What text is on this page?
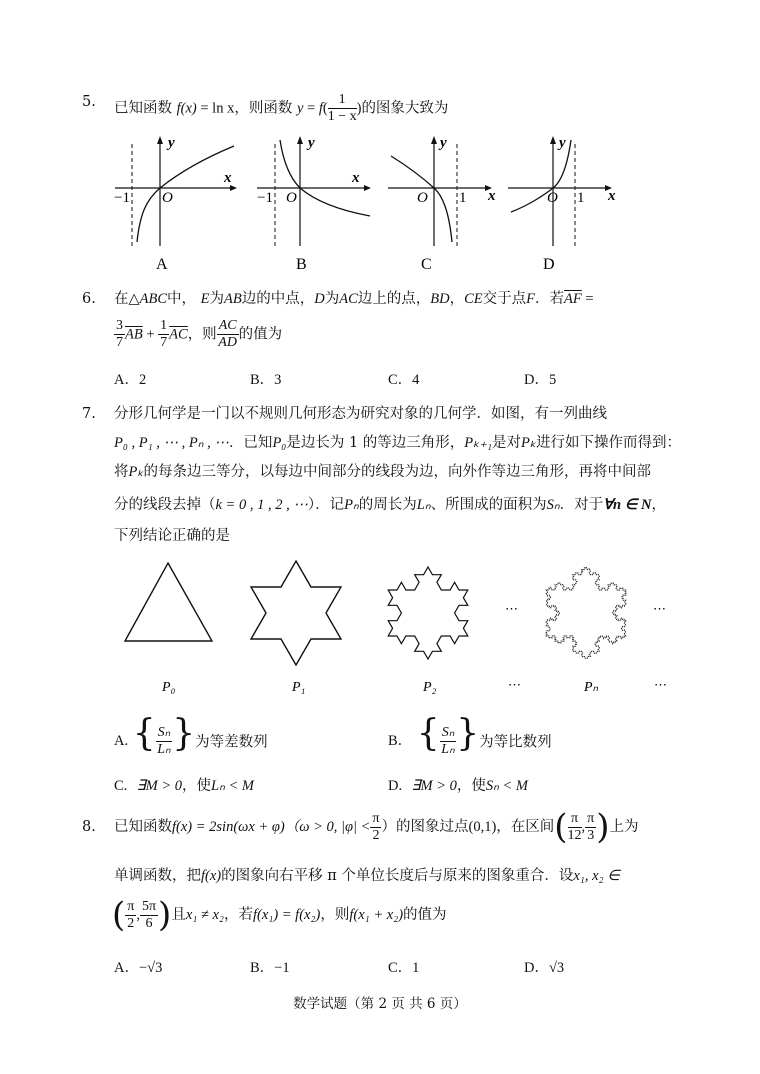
5. 已知函数 f(x) = ln x，则函数 $y = f( \frac{1}{1 - x}$ )的图象大致为
y
x
−1 O
A
y
x
−1 O
B
y
x
O 1
C
y
x
O 1
D
6. 在△ABC中， E为AB边的中点，D为AC边上的点，BD，CE交于点F．若$\overline{AF}$ =
$\frac{3}{7} \overline{AB} + \frac{1}{7} \overline{AC}$，则 $\frac{AC}{AD}$ 的值为
A．2	B．3	C．4	D．5
7. 分形几何学是一门以不规则几何形态为研究对象的几何学．如图，有一列曲线
P₀ , P₁ , ⋯ , Pₙ , ⋯．已知P₀是边长为 1 的等边三角形，Pₖ₊₁是对Pₖ进行如下操作而得到：
将Pₖ的每条边三等分，以每边中间部分的线段为边，向外作等边三角形，再将中间部
分的线段去掉（k = 0 , 1 , 2 , ⋯）．记Pₙ的周长为Lₙ、所围成的面积为Sₙ．对于∀n ∈ N，
下列结论正确的是
⋯	⋯
P₀	P₁	P₂	⋯	Pₙ	⋯
A. { $\frac{\text{Sₙ}}{\text{Lₙ}}$ }为等差数列	B． { $\frac{\text{Sₙ}}{\text{Lₙ}}$ }为等比数列
C. ∃M > 0，使Lₙ < M	D. ∃M > 0，使Sₙ < M
8. 已知函数f(x) = 2sin(ωx + φ)（ω > 0, $|\varphi| < \frac{\pi}{2}$ ）的图象过点(0,1)，在区间( $\frac{\pi}{12}$ , $\frac{\pi}{3}$ )上为
单调函数，把f(x)的图象向右平移 π 个单位长度后与原来的图象重合．设x₁, x₂ ∈
( $\frac{\pi}{2}$ , $\frac{5\pi}{6}$ )且x₁ ≠ x₂，若f(x₁) = f(x₂)，则f(x₁ + x₂)的值为
A．−√3	B．−1	C．1	D．√3
数学试题（第 2 页 共 6 页）
